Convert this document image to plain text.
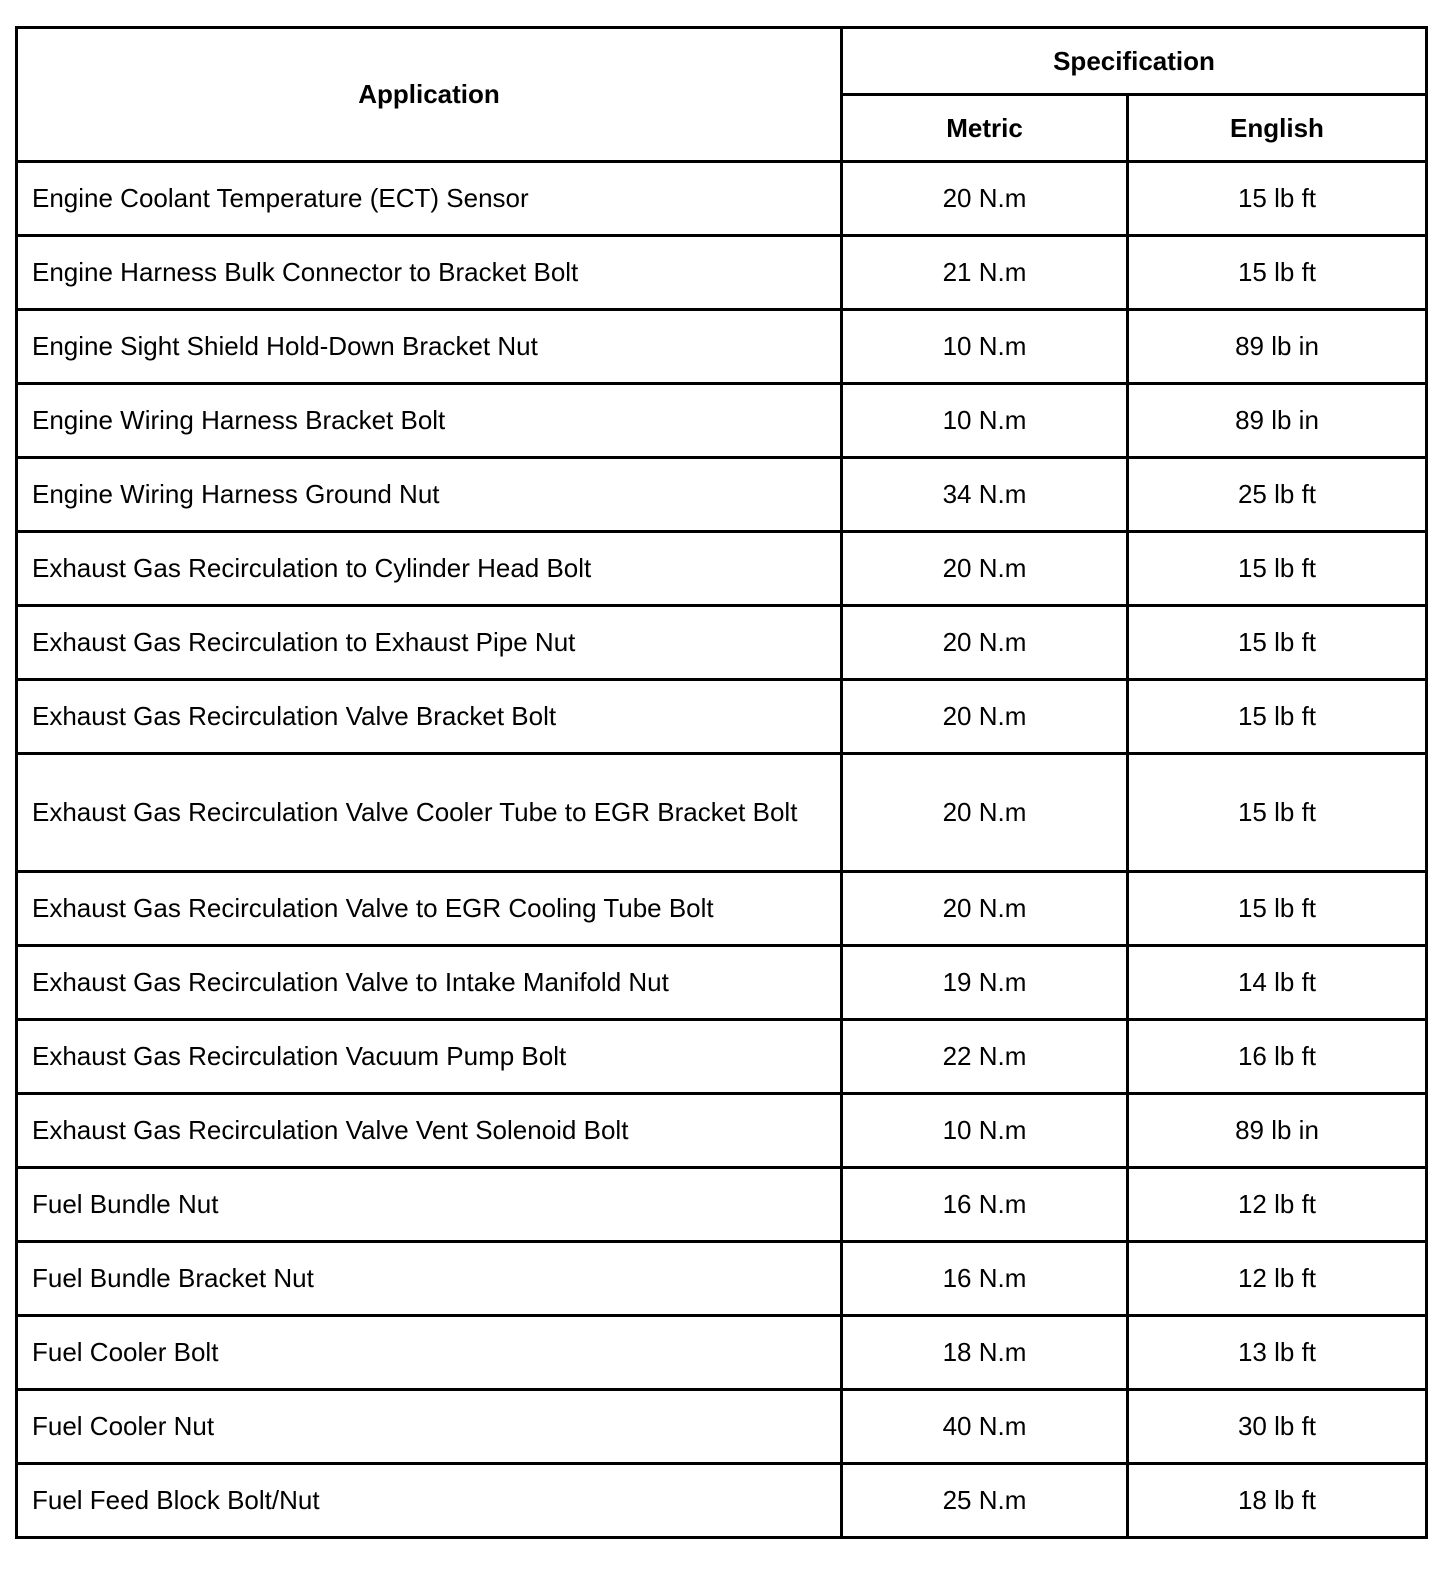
Application	Specification	
	Metric	English
Engine Coolant Temperature (ECT) Sensor	20 N.m	15 lb ft
Engine Harness Bulk Connector to Bracket Bolt	21 N.m	15 lb ft
Engine Sight Shield Hold-Down Bracket Nut	10 N.m	89 lb in
Engine Wiring Harness Bracket Bolt	10 N.m	89 lb in
Engine Wiring Harness Ground Nut	34 N.m	25 lb ft
Exhaust Gas Recirculation to Cylinder Head Bolt	20 N.m	15 lb ft
Exhaust Gas Recirculation to Exhaust Pipe Nut	20 N.m	15 lb ft
Exhaust Gas Recirculation Valve Bracket Bolt	20 N.m	15 lb ft
Exhaust Gas Recirculation Valve Cooler Tube to EGR Bracket Bolt	20 N.m	15 lb ft
Exhaust Gas Recirculation Valve to EGR Cooling Tube Bolt	20 N.m	15 lb ft
Exhaust Gas Recirculation Valve to Intake Manifold Nut	19 N.m	14 lb ft
Exhaust Gas Recirculation Vacuum Pump Bolt	22 N.m	16 lb ft
Exhaust Gas Recirculation Valve Vent Solenoid Bolt	10 N.m	89 lb in
Fuel Bundle Nut	16 N.m	12 lb ft
Fuel Bundle Bracket Nut	16 N.m	12 lb ft
Fuel Cooler Bolt	18 N.m	13 lb ft
Fuel Cooler Nut	40 N.m	30 lb ft
Fuel Feed Block Bolt/Nut	25 N.m	18 lb ft
